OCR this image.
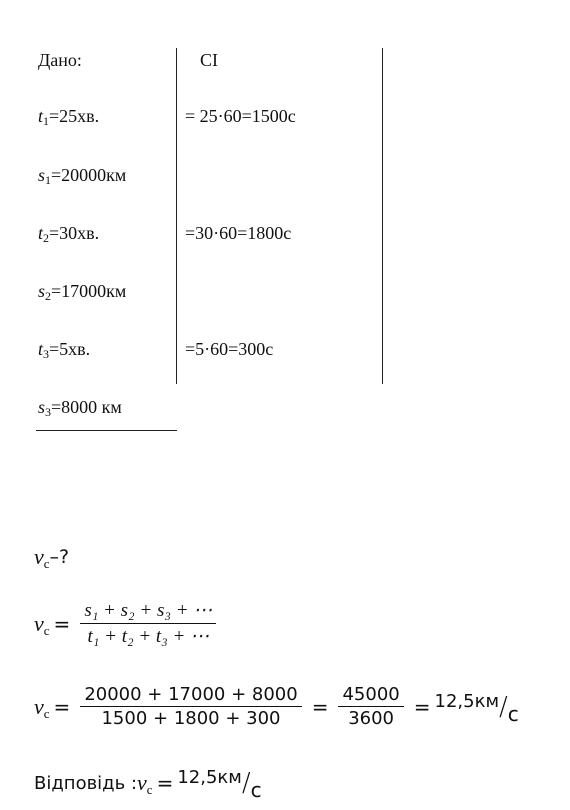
Дано:	СІ
$t_1=25хв$.	= 25·60=1500с
$s_1=20000км$
$t_2=30хв$.	=30·60=1800с
$s_2=17000км$
$t_3=5хв$.	=5·60=300с
$s_3=8000$ км
$v_c$ –?
$v_c = \frac{\text{s₁ + s₂ + s₃ + ⋯}}{\text{t₁ + t₂ + t₃ + ⋯}}$
$v_c = \frac{20000 + 17000 + 8000}{1500 + 1800 + 300} = \frac{45000}{3600} = 12,5км/с$
Відповідь : $v_c = 12,5км/с$
